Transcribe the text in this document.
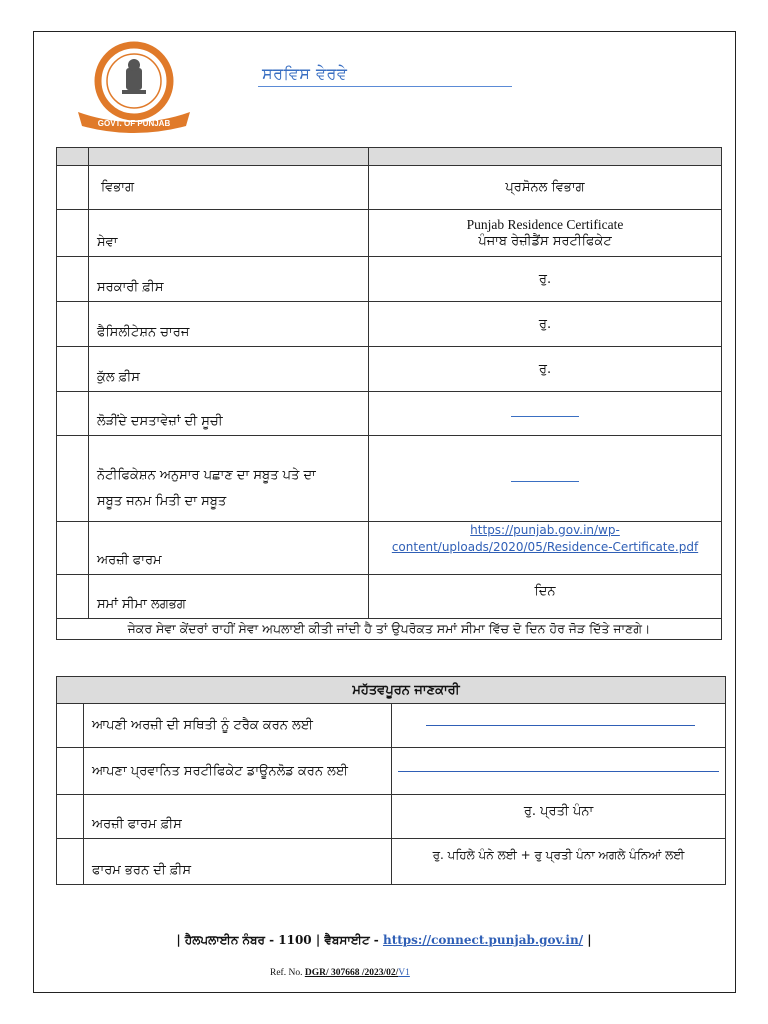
GOVT. OF PUNJAB
ਸਰਵਿਸ ਵੇਰਵੇ

	ਵਿਭਾਗ	ਪ੍ਰਸੋਨਲ ਵਿਭਾਗ
	ਸੇਵਾ	Punjab Residence Certificate
ਪੰਜਾਬ ਰੇਜ਼ੀਡੈਂਸ ਸਰਟੀਫਿਕੇਟ

	ਸਰਕਾਰੀ ਫ਼ੀਸ	ਰੁ.
	ਫੈਸਿਲੀਟੇਸ਼ਨ ਚਾਰਜ	ਰੁ.
	ਕੁੱਲ ਫ਼ੀਸ	ਰੁ.
	ਲੋੜੀਂਦੇ ਦਸਤਾਵੇਜ਼ਾਂ ਦੀ ਸੂਚੀ	

	ਨੋਟੀਫਿਕੇਸ਼ਨ ਅਨੁਸਾਰ ਪਛਾਣ ਦਾ ਸਬੂਤ ਪਤੇ ਦਾ
ਸਬੂਤ ਜਨਮ ਮਿਤੀ ਦਾ ਸਬੂਤ	

	ਅਰਜ਼ੀ ਫਾਰਮ	https://punjab.gov.in/wp-
content/uploads/2020/05/Residence-Certificate.pdf

	ਸਮਾਂ ਸੀਮਾ ਲਗਭਗ	ਦਿਨ
ਜੇਕਰ ਸੇਵਾ ਕੇਂਦਰਾਂ ਰਾਹੀਂ ਸੇਵਾ ਅਪਲਾਈ ਕੀਤੀ ਜਾਂਦੀ ਹੈ ਤਾਂ ਉਪਰੋਕਤ ਸਮਾਂ ਸੀਮਾ ਵਿੱਚ ਦੋ ਦਿਨ ਹੋਰ ਜੋੜ ਦਿੱਤੇ ਜਾਣਗੇ।		
ਮਹੱਤਵਪੂਰਨ ਜਾਣਕਾਰੀ		
	ਆਪਣੀ ਅਰਜ਼ੀ ਦੀ ਸਥਿਤੀ ਨੂੰ ਟਰੈਕ ਕਰਨ ਲਈ	

	ਆਪਣਾ ਪ੍ਰਵਾਨਿਤ ਸਰਟੀਫਿਕੇਟ ਡਾਊਨਲੋਡ ਕਰਨ ਲਈ	

	ਅਰਜ਼ੀ ਫਾਰਮ ਫ਼ੀਸ	ਰੁ. ਪ੍ਰਤੀ ਪੰਨਾ
	ਫਾਰਮ ਭਰਨ ਦੀ ਫ਼ੀਸ	ਰੁ. ਪਹਿਲੇ ਪੰਨੇ ਲਈ + ਰੁ ਪ੍ਰਤੀ ਪੰਨਾ ਅਗਲੇ ਪੰਨਿਆਂ ਲਈ
| ਹੈਲਪਲਾਈਨ ਨੰਬਰ - 1100 | ਵੈਬਸਾਈਟ - https://connect.punjab.gov.in/ |
Ref. No. DGR/ 307668 /2023/02/V1
